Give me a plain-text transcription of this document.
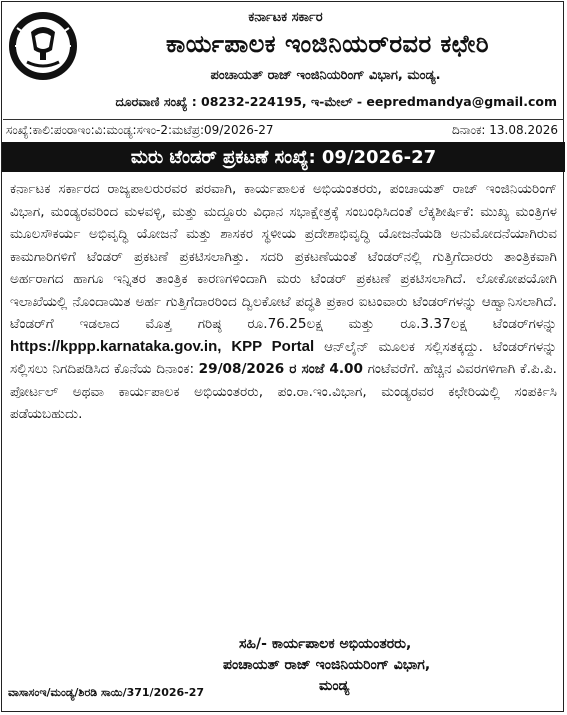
ಕರ್ನಾಟಕ ಸರ್ಕಾರ
ಕಾರ್ಯಪಾಲಕ ಇಂಜಿನಿಯರ್‌ರವರ ಕಛೇರಿ
ಪಂಚಾಯತ್ ರಾಜ್ ಇಂಜಿನಿಯರಿಂಗ್ ವಿಭಾಗ, ಮಂಡ್ಯ.
ದೂರವಾಣಿ ಸಂಖ್ಯೆ : 08232-224195, ಇ-ಮೇಲ್ - eepredmandya@gmail.com
ಸಂಖ್ಯೆ:ಕಾಲಿ:ಪಂರಾಇಂ:ವಿ:ಮಂಡ್ಯ:ಸಇಂ-2:ಮಟೆಪ್ರ:09/2026-27	ದಿನಾಂಕ: 13.08.2026
ಮರು ಟೆಂಡರ್ ಪ್ರಕಟಣೆ ಸಂಖ್ಯೆ: 09/2026-27
ಕರ್ನಾಟಕ ಸರ್ಕಾರದ ರಾಜ್ಯಪಾಲರುರವರ ಪರವಾಗಿ, ಕಾರ್ಯಪಾಲಕ ಅಭಿಯಂತರರು, ಪಂಚಾಯತ್ ರಾಜ್ ಇಂಜಿನಿಯರಿಂಗ್ ವಿಭಾಗ, ಮಂಡ್ಯರವರಿಂದ ಮಳವಳ್ಳಿ, ಮತ್ತು ಮದ್ದೂರು ವಿಧಾನ ಸಭಾಕ್ಷೇತ್ರಕ್ಕೆ ಸಂಬಂಧಿಸಿದಂತೆ ಲೆಕ್ಕಶೀರ್ಷಿಕೆ: ಮುಖ್ಯ ಮಂತ್ರಿಗಳ ಮೂಲಸೌಕರ್ಯ ಅಭಿವೃದ್ಧಿ ಯೋಜನೆ ಮತ್ತು ಶಾಸಕರ ಸ್ಥಳೀಯ ಪ್ರದೇಶಾಭಿವೃದ್ಧಿ ಯೋಜನೆಯಡಿ ಅನುಮೋದನೆಯಾಗಿರುವ ಕಾಮಗಾರಿಗಳಿಗೆ ಟೆಂಡರ್ ಪ್ರಕಟಣೆ ಪ್ರಕಟಿಸಲಾಗಿತ್ತು. ಸದರಿ ಪ್ರಕಟಣೆಯಂತೆ ಟೆಂಡರ್‌ನಲ್ಲಿ ಗುತ್ತಿಗೆದಾರರು ತಾಂತ್ರಿಕವಾಗಿ ಅರ್ಹರಾಗದ ಹಾಗೂ ಇನ್ನಿತರ ತಾಂತ್ರಿಕ ಕಾರಣಗಳಿಂದಾಗಿ ಮರು ಟೆಂಡರ್ ಪ್ರಕಟಣೆ ಪ್ರಕಟಿಸಲಾಗಿದೆ. ಲೋಕೋಪಯೋಗಿ ಇಲಾಖೆಯಲ್ಲಿ ನೊಂದಾಯಿತ ಅರ್ಹ ಗುತ್ತಿಗೆದಾರರಿಂದ ದ್ವಿಲಕೋಟೆ ಪದ್ಧತಿ ಪ್ರಕಾರ ಐಟಂವಾರು ಟೆಂಡರ್‌ಗಳನ್ನು ಆಹ್ವಾನಿಸಲಾಗಿದೆ. ಟೆಂಡರ್‌ಗೆ ಇಡಲಾದ ಮೊತ್ತ ಗರಿಷ್ಠ ರೂ.76.25ಲಕ್ಷ ಮತ್ತು ರೂ.3.37ಲಕ್ಷ ಟೆಂಡರ್‌ಗಳನ್ನು https://kppp.karnataka.gov.in, KPP Portal ಆನ್‌ಲೈನ್ ಮೂಲಕ ಸಲ್ಲಿಸತಕ್ಕದ್ದು. ಟೆಂಡರ್‌ಗಳನ್ನು ಸಲ್ಲಿಸಲು ನಿಗದಿಪಡಿಸಿದ ಕೊನೆಯ ದಿನಾಂಕ: 29/08/2026 ರ ಸಂಜೆ 4.00 ಗಂಟೆವರೆಗೆ. ಹೆಚ್ಚಿನ ವಿವರಗಳಿಗಾಗಿ ಕೆ.ಪಿ.ಪಿ. ಪೋರ್ಟಲ್ ಅಥವಾ ಕಾರ್ಯಪಾಲಕ ಅಭಿಯಂತರರು, ಪಂ.ರಾ.ಇಂ.ವಿಭಾಗ, ಮಂಡ್ಯರವರ ಕಛೇರಿಯಲ್ಲಿ ಸಂಪರ್ಕಿಸಿ ಪಡೆಯಬಹುದು.
ಸಹಿ/- ಕಾರ್ಯಪಾಲಕ ಅಭಿಯಂತರರು,
ಪಂಚಾಯತ್ ರಾಜ್ ಇಂಜಿನಿಯರಿಂಗ್ ವಿಭಾಗ,
ಮಂಡ್ಯ
ವಾಸಾಸಂಇ/ಮಂಡ್ಯ/ಶಿರಡಿ ಸಾಯಿ/371/2026-27
